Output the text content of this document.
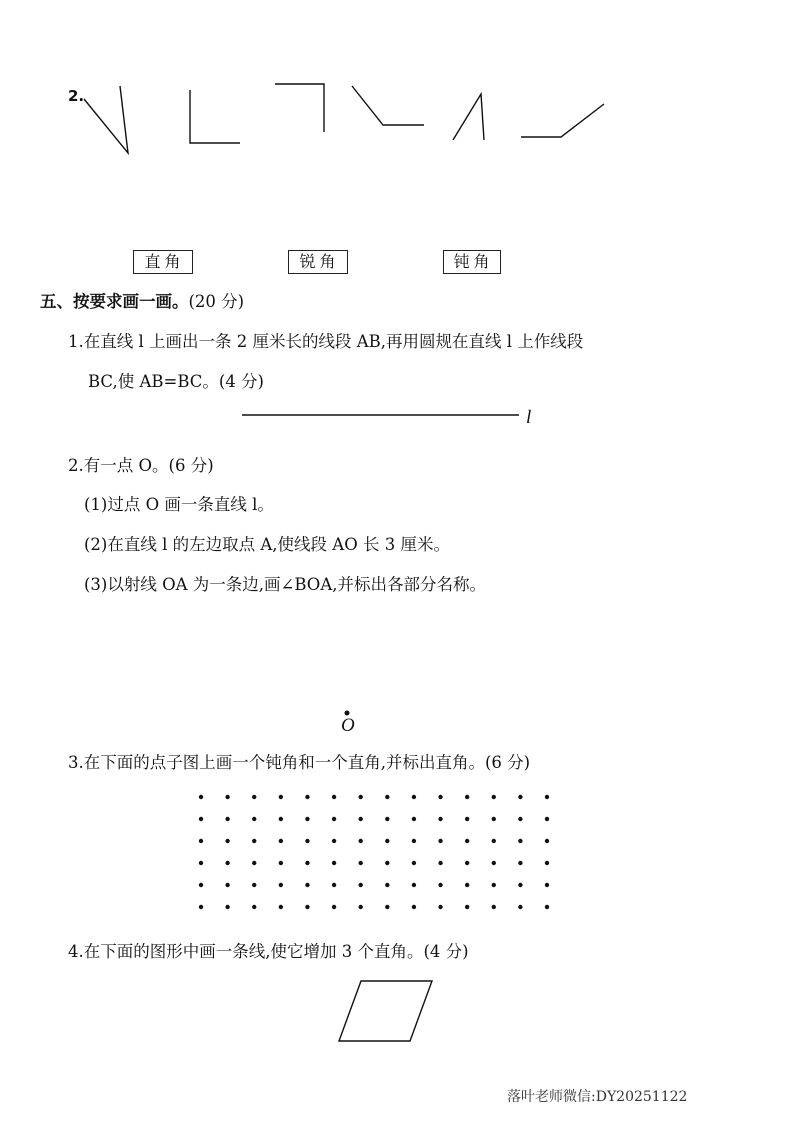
2.
直角	锐角	钝角
五、按要求画一画。(20 分)
1.在直线 l 上画出一条 2 厘米长的线段 AB,再用圆规在直线 l 上作线段
BC,使 AB=BC。(4 分)
l
2.有一点 O。(6 分)
(1)过点 O 画一条直线 l。
(2)在直线 l 的左边取点 A,使线段 AO 长 3 厘米。
(3)以射线 OA 为一条边,画∠BOA,并标出各部分名称。
O
3.在下面的点子图上画一个钝角和一个直角,并标出直角。(6 分)
4.在下面的图形中画一条线,使它增加 3 个直角。(4 分)
落叶老师微信:DY20251122
